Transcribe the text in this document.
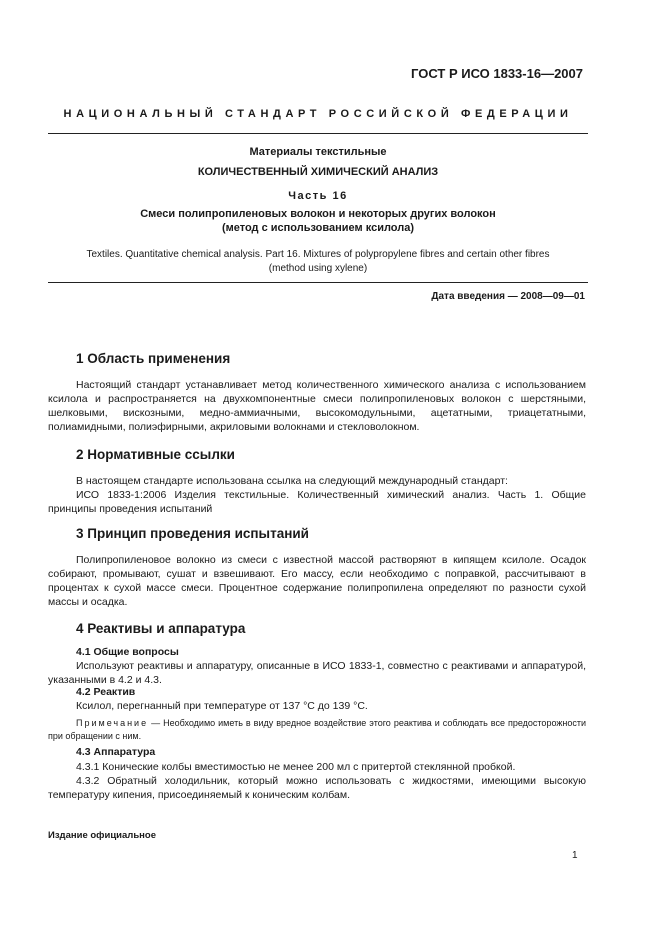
ГОСТ Р ИСО 1833-16—2007
НАЦИОНАЛЬНЫЙ СТАНДАРТ РОССИЙСКОЙ ФЕДЕРАЦИИ
Материалы текстильные
КОЛИЧЕСТВЕННЫЙ ХИМИЧЕСКИЙ АНАЛИЗ
Часть 16
Смеси полипропиленовых волокон и некоторых других волокон
(метод с использованием ксилола)
Textiles. Quantitative chemical analysis. Part 16. Mixtures of polypropylene fibres and certain other fibres
(method using xylene)
Дата введения — 2008—09—01
1 Область применения
Настоящий стандарт устанавливает метод количественного химического анализа с использованием ксилола и распространяется на двухкомпонентные смеси полипропиленовых волокон с шерстяными, шелковыми, вискозными, медно-аммиачными, высокомодульными, ацетатными, триацетатными, полиамидными, полиэфирными, акриловыми волокнами и стекловолокном.
2 Нормативные ссылки
В настоящем стандарте использована ссылка на следующий международный стандарт:
ИСО 1833-1:2006 Изделия текстильные. Количественный химический анализ. Часть 1. Общие принципы проведения испытаний
3 Принцип проведения испытаний
Полипропиленовое волокно из смеси с известной массой растворяют в кипящем ксилоле. Осадок собирают, промывают, сушат и взвешивают. Его массу, если необходимо с поправкой, рассчитывают в процентах к сухой массе смеси. Процентное содержание полипропилена определяют по разности сухой массы и осадка.
4 Реактивы и аппаратура
4.1 Общие вопросы
Используют реактивы и аппаратуру, описанные в ИСО 1833-1, совместно с реактивами и аппаратурой, указанными в 4.2 и 4.3.
4.2 Реактив
Ксилол, перегнанный при температуре от 137 °С до 139 °С.
Примечание — Необходимо иметь в виду вредное воздействие этого реактива и соблюдать все предосторожности при обращении с ним.
4.3 Аппаратура
4.3.1 Конические колбы вместимостью не менее 200 мл с притертой стеклянной пробкой.
4.3.2 Обратный холодильник, который можно использовать с жидкостями, имеющими высокую температуру кипения, присоединяемый к коническим колбам.
Издание официальное
1
